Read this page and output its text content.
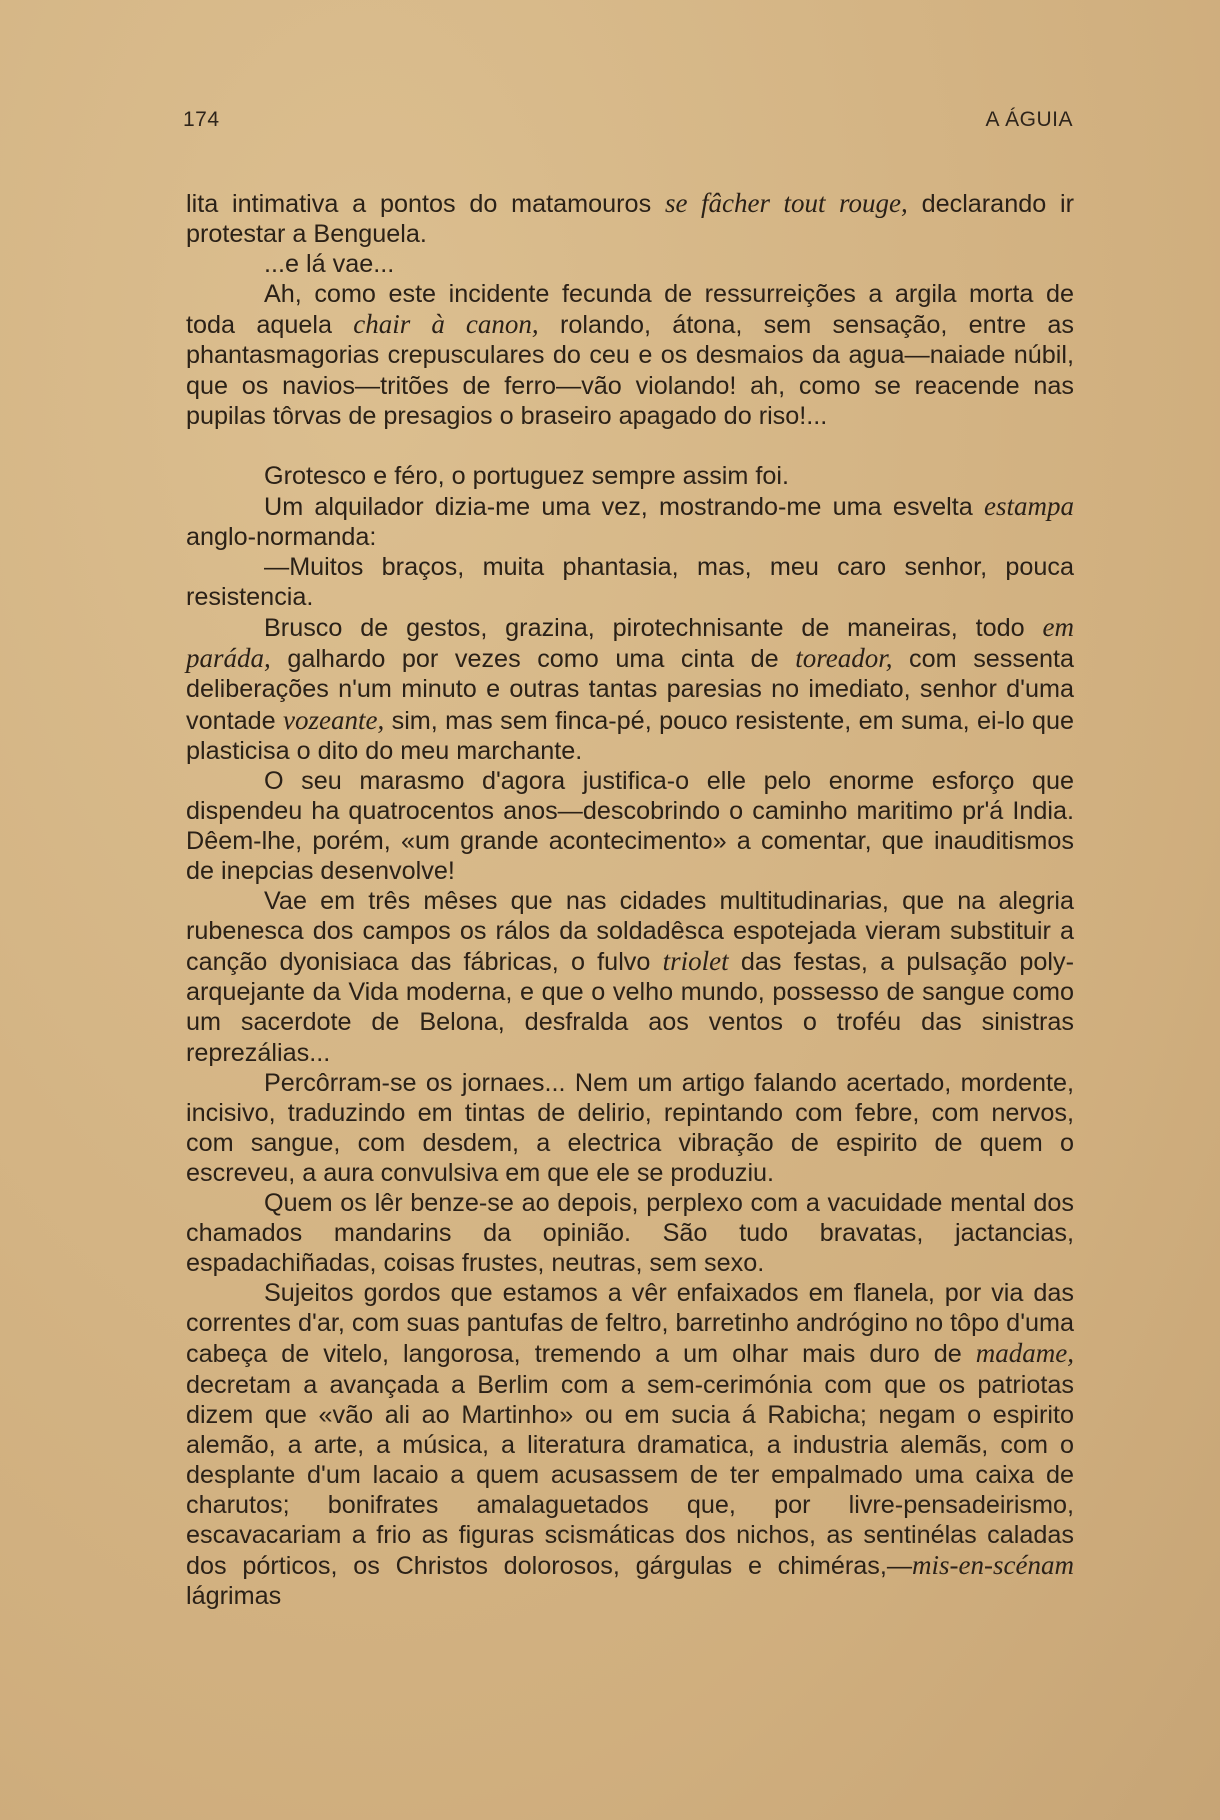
174	A ÁGUIA

lita intimativa a pontos do matamouros se fâcher tout rouge, declarando ir protestar a Benguela.

...e lá vae...

Ah, como este incidente fecunda de ressurreições a argila morta de toda aquela chair à canon, rolando, átona, sem sensação, entre as phantasmagorias crepusculares do ceu e os desmaios da agua—naiade núbil, que os navios—tritões de ferro—vão violando! ah, como se reacende nas pupilas tôrvas de presagios o braseiro apagado do riso!...

Grotesco e féro, o portuguez sempre assim foi.

Um alquilador dizia-me uma vez, mostrando-me uma esvelta estampa anglo-normanda:

—Muitos braços, muita phantasia, mas, meu caro senhor, pouca resistencia.

Brusco de gestos, grazina, pirotechnisante de maneiras, todo em paráda, galhardo por vezes como uma cinta de toreador, com sessenta deliberações n'um minuto e outras tantas paresias no imediato, senhor d'uma vontade vozeante, sim, mas sem finca-pé, pouco resistente, em suma, ei-lo que plasticisa o dito do meu marchante.

O seu marasmo d'agora justifica-o elle pelo enorme esforço que dispendeu ha quatrocentos anos—descobrindo o caminho maritimo pr'á India. Dêem-lhe, porém, «um grande acontecimento» a comentar, que inauditismos de inepcias desenvolve!

Vae em três mêses que nas cidades multitudinarias, que na alegria rubenesca dos campos os rálos da soldadêsca espotejada vieram substituir a canção dyonisiaca das fábricas, o fulvo triolet das festas, a pulsação poly-arquejante da Vida moderna, e que o velho mundo, possesso de sangue como um sacerdote de Belona, desfralda aos ventos o troféu das sinistras reprezálias...

Percôrram-se os jornaes... Nem um artigo falando acertado, mordente, incisivo, traduzindo em tintas de delirio, repintando com febre, com nervos, com sangue, com desdem, a electrica vibração de espirito de quem o escreveu, a aura convulsiva em que ele se produziu.

Quem os lêr benze-se ao depois, perplexo com a vacuidade mental dos chamados mandarins da opinião. São tudo bravatas, jactancias, espadachiñadas, coisas frustes, neutras, sem sexo.

Sujeitos gordos que estamos a vêr enfaixados em flanela, por via das correntes d'ar, com suas pantufas de feltro, barretinho andrógino no tôpo d'uma cabeça de vitelo, langorosa, tremendo a um olhar mais duro de madame, decretam a avançada a Berlim com a sem-cerimónia com que os patriotas dizem que «vão ali ao Martinho» ou em sucia á Rabicha; negam o espirito alemão, a arte, a música, a literatura dramatica, a industria alemãs, com o desplante d'um lacaio a quem acusassem de ter empalmado uma caixa de charutos; bonifrates amalaguetados que, por livre-pensadeirismo, escavacariam a frio as figuras scismáticas dos nichos, as sentinélas caladas dos pórticos, os Christos dolorosos, gárgulas e chiméras,—mis-en-scénam lágrimas
